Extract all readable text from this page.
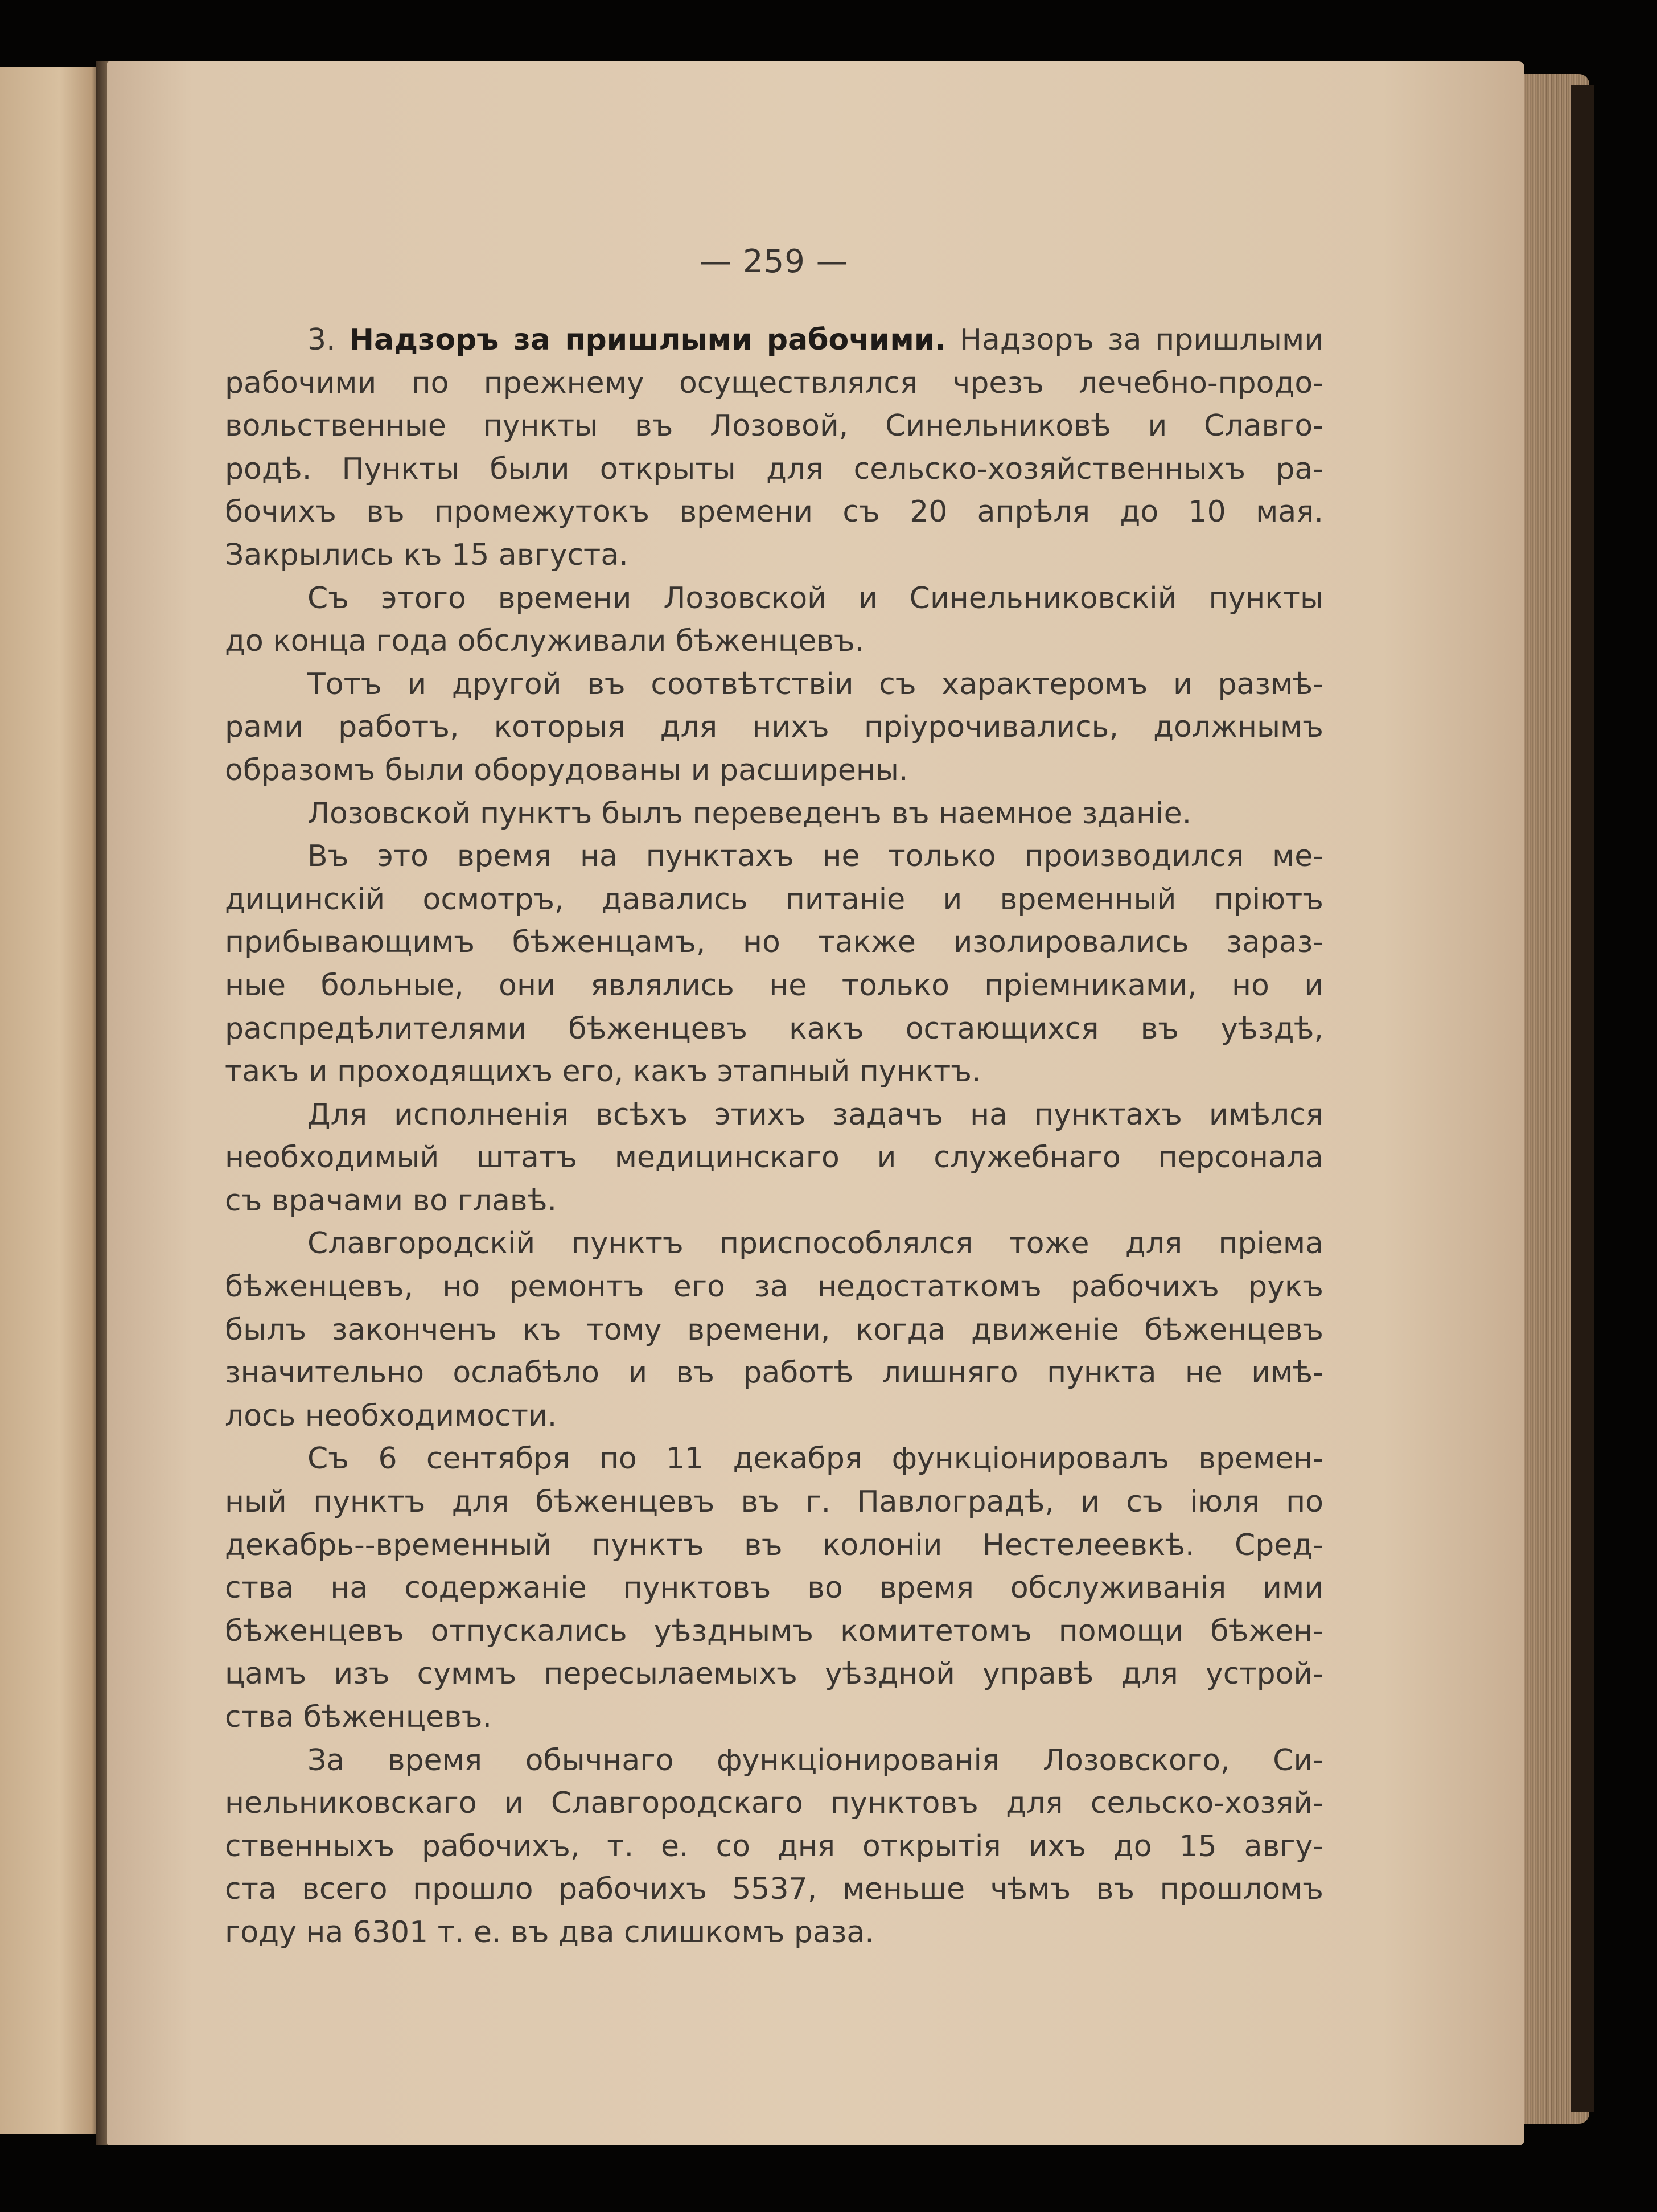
— 259 —
3. Надзоръ за пришлыми рабочими. Надзоръ за пришлыми
рабочими по прежнему осуществлялся чрезъ лечебно-продо-
вольственные пункты въ Лозовой, Синельниковѣ и Славго-
родѣ. Пункты были открыты для сельско-хозяйственныхъ ра-
бочихъ въ промежутокъ времени съ 20 апрѣля до 10 мая.
Закрылись къ 15 августа.
Съ этого времени Лозовской и Синельниковскій пункты
до конца года обслуживали бѣженцевъ.
Тотъ и другой въ соотвѣтствіи съ характеромъ и размѣ-
рами работъ, которыя для нихъ пріурочивались, должнымъ
образомъ были оборудованы и расширены.
Лозовской пунктъ былъ переведенъ въ наемное зданіе.
Въ это время на пунктахъ не только производился ме-
дицинскій осмотръ, давались питаніе и временный пріютъ
прибывающимъ бѣженцамъ, но также изолировались зараз-
ные больные, они являлись не только пріемниками, но и
распредѣлителями бѣженцевъ какъ остающихся въ уѣздѣ,
такъ и проходящихъ его, какъ этапный пунктъ.
Для исполненія всѣхъ этихъ задачъ на пунктахъ имѣлся
необходимый штатъ медицинскаго и служебнаго персонала
съ врачами во главѣ.
Славгородскій пунктъ приспособлялся тоже для пріема
бѣженцевъ, но ремонтъ его за недостаткомъ рабочихъ рукъ
былъ законченъ къ тому времени, когда движеніе бѣженцевъ
значительно ослабѣло и въ работѣ лишняго пункта не имѣ-
лось необходимости.
Съ 6 сентября по 11 декабря функціонировалъ времен-
ный пунктъ для бѣженцевъ въ г. Павлоградѣ, и съ іюля по
декабрь--временный пунктъ въ колоніи Нестелеевкѣ. Сред-
ства на содержаніе пунктовъ во время обслуживанія ими
бѣженцевъ отпускались уѣзднымъ комитетомъ помощи бѣжен-
цамъ изъ суммъ пересылаемыхъ уѣздной управѣ для устрой-
ства бѣженцевъ.
За время обычнаго функціонированія Лозовского, Си-
нельниковскаго и Славгородскаго пунктовъ для сельско-хозяй-
ственныхъ рабочихъ, т. е. со дня открытія ихъ до 15 авгу-
ста всего прошло рабочихъ 5537, меньше чѣмъ въ прошломъ
году на 6301 т. е. въ два слишкомъ раза.
